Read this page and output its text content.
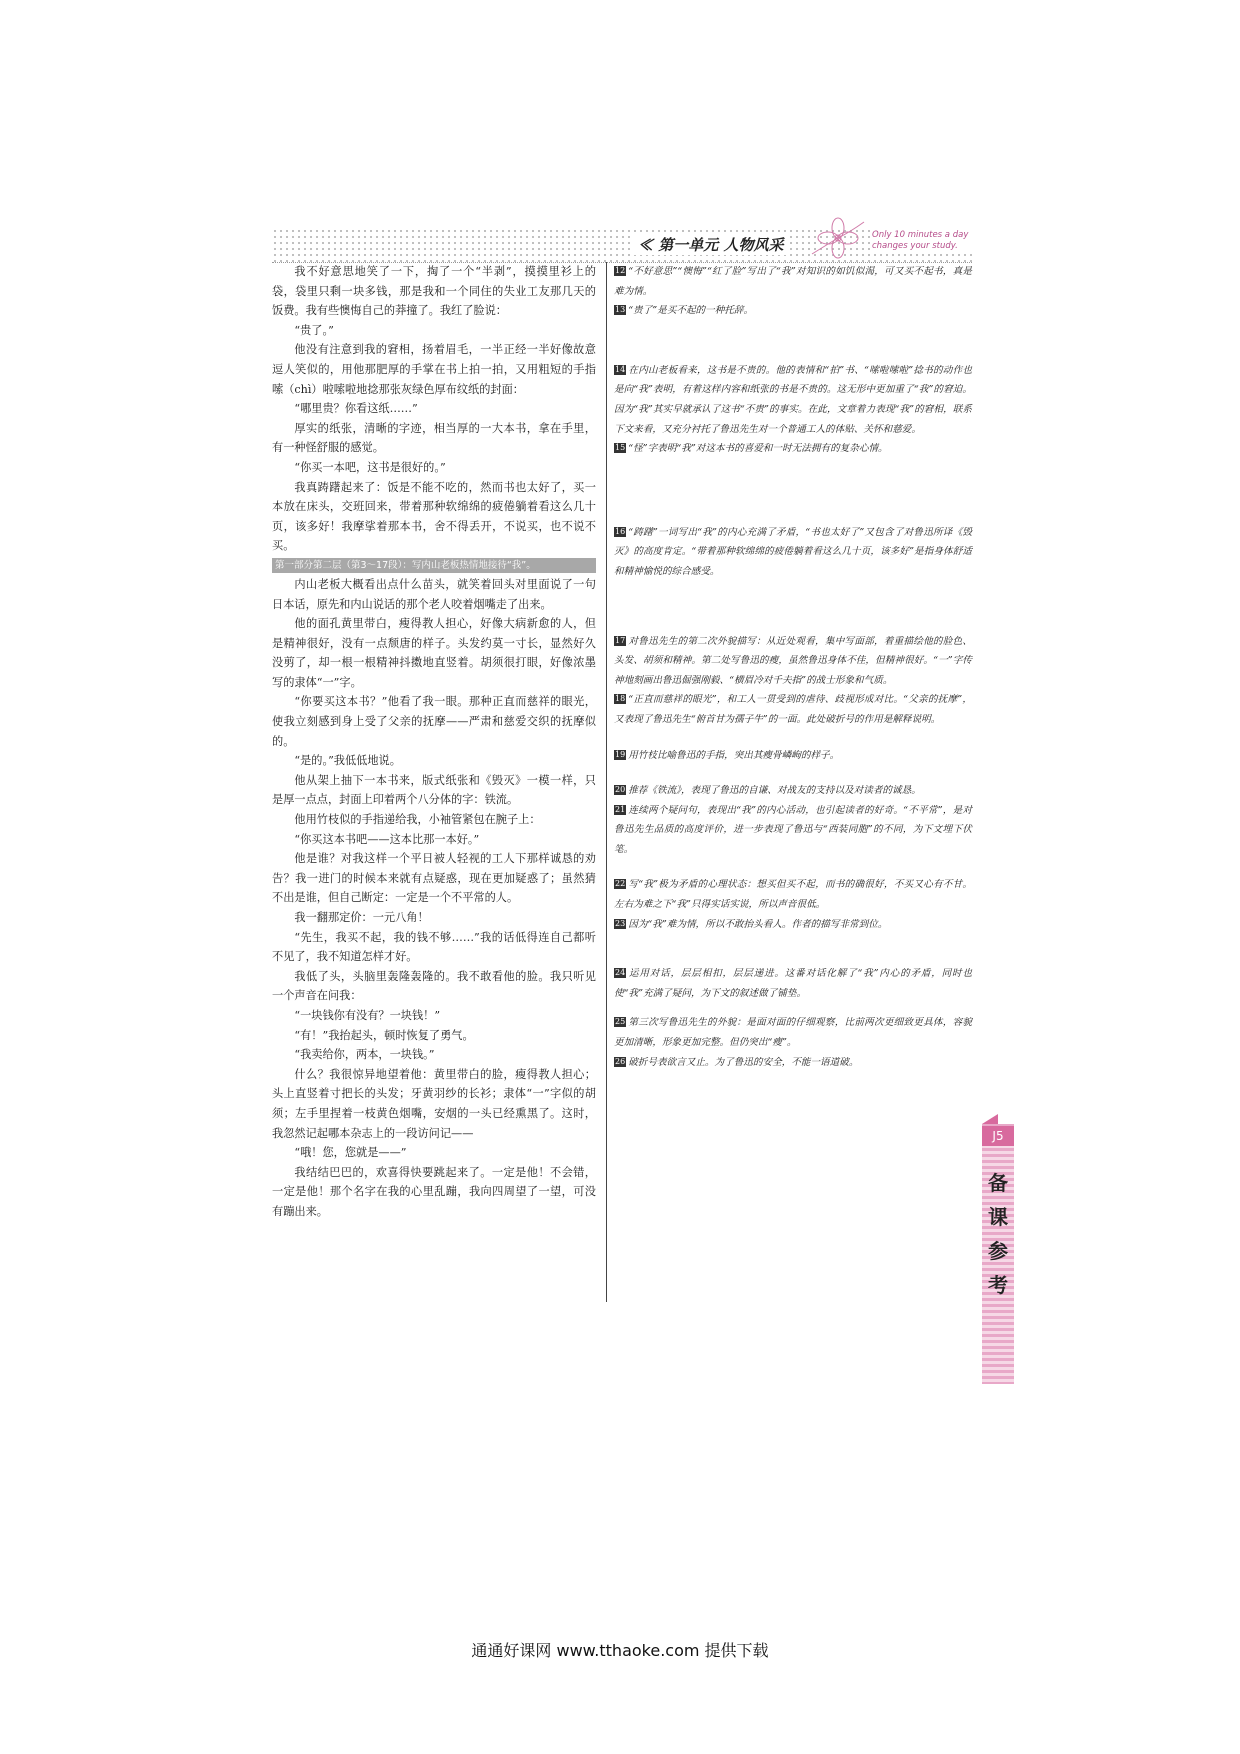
≪ 第一单元 人物风采
Only 10 minutes a day
changes your study.

我不好意思地笑了一下，掏了一个“半剥”，摸摸里衫上的袋，袋里只剩一块多钱，那是我和一个同住的失业工友那几天的饭费。我有些懊悔自己的莽撞了。我红了脸说：

“贵了。”

他没有注意到我的窘相，扬着眉毛，一半正经一半好像故意逗人笑似的，用他那肥厚的手掌在书上拍一拍，又用粗短的手指嗦（chì）啦嗦啦地捻那张灰绿色厚布纹纸的封面：

“哪里贵？你看这纸……”

厚实的纸张，清晰的字迹，相当厚的一大本书，拿在手里，有一种怪舒服的感觉。

“你买一本吧，这书是很好的。”

我真踌躇起来了：饭是不能不吃的，然而书也太好了，买一本放在床头，交班回来，带着那种软绵绵的疲倦躺着看这么几十页，该多好！我摩挲着那本书，舍不得丢开，不说买，也不说不买。

第一部分第二层（第3～17段）：写内山老板热情地接待“我”。

内山老板大概看出点什么苗头，就笑着回头对里面说了一句日本话，原先和内山说话的那个老人咬着烟嘴走了出来。

他的面孔黄里带白，瘦得教人担心，好像大病新愈的人，但是精神很好，没有一点颓唐的样子。头发约莫一寸长，显然好久没剪了，却一根一根精神抖擞地直竖着。胡须很打眼，好像浓墨写的隶体“一”字。

“你要买这本书？”他看了我一眼。那种正直而慈祥的眼光，使我立刻感到身上受了父亲的抚摩——严肃和慈爱交织的抚摩似的。

“是的。”我低低地说。

他从架上抽下一本书来，版式纸张和《毁灭》一模一样，只是厚一点点，封面上印着两个八分体的字：铁流。

他用竹枝似的手指递给我，小袖管紧包在腕子上：

“你买这本书吧——这本比那一本好。”

他是谁？对我这样一个平日被人轻视的工人下那样诚恳的劝告？我一进门的时候本来就有点疑惑，现在更加疑惑了；虽然猜不出是谁，但自己断定：一定是一个不平常的人。

我一翻那定价：一元八角！

“先生，我买不起，我的钱不够……”我的话低得连自己都听不见了，我不知道怎样才好。

我低了头，头脑里轰隆轰隆的。我不敢看他的脸。我只听见一个声音在问我：

“一块钱你有没有？一块钱！”

“有！”我抬起头，顿时恢复了勇气。

“我卖给你，两本，一块钱。”

什么？我很惊异地望着他：黄里带白的脸，瘦得教人担心；头上直竖着寸把长的头发；牙黄羽纱的长衫；隶体“一”字似的胡须；左手里捏着一枝黄色烟嘴，安烟的一头已经熏黑了。这时，我忽然记起哪本杂志上的一段访问记——

“哦！您，您就是——”

我结结巴巴的，欢喜得快要跳起来了。一定是他！不会错，一定是他！那个名字在我的心里乱蹦，我向四周望了一望，可没有蹦出来。

12 “不好意思”“懊悔”“红了脸”写出了“我”对知识的如饥似渴，可又买不起书，真是难为情。

13 “贵了”是买不起的一种托辞。

14 在内山老板看来，这书是不贵的。他的表情和“拍”书、“嗦啦嗦啦”捻书的动作也是向“我”表明，有着这样内容和纸张的书是不贵的。这无形中更加重了“我”的窘迫。因为“我”其实早就承认了这书“不贵”的事实。在此，文章着力表现“我”的窘相，联系下文来看，又充分衬托了鲁迅先生对一个普通工人的体贴、关怀和慈爱。

15 “怪”字表明“我”对这本书的喜爱和一时无法拥有的复杂心情。

16 “踌躇”一词写出“我”的内心充满了矛盾，“书也太好了”又包含了对鲁迅所译《毁灭》的高度肯定。“带着那种软绵绵的疲倦躺着看这么几十页，该多好”是指身体舒适和精神愉悦的综合感受。

17 对鲁迅先生的第二次外貌描写：从近处观看，集中写面部，着重描绘他的脸色、头发、胡须和精神。第二处写鲁迅的瘦，虽然鲁迅身体不佳，但精神很好。“一”字传神地刻画出鲁迅倔强刚毅、“横眉冷对千夫指”的战士形象和气质。

18 “正直而慈祥的眼光”，和工人一贯受到的虐待、歧视形成对比。“父亲的抚摩”，又表现了鲁迅先生“俯首甘为孺子牛”的一面。此处破折号的作用是解释说明。

19 用竹枝比喻鲁迅的手指，突出其瘦骨嶙峋的样子。

20 推荐《铁流》，表现了鲁迅的自谦、对战友的支持以及对读者的诚恳。

21 连续两个疑问句，表现出“我”的内心活动，也引起读者的好奇。“不平常”，是对鲁迅先生品质的高度评价，进一步表现了鲁迅与“西装同胞”的不同，为下文埋下伏笔。

22 写“我”极为矛盾的心理状态：想买但买不起，而书的确很好，不买又心有不甘。左右为难之下“我”只得实话实说，所以声音很低。

23 因为“我”难为情，所以不敢抬头看人。作者的描写非常到位。

24 运用对话，层层相扣，层层递进。这番对话化解了“我”内心的矛盾，同时也使“我”充满了疑问，为下文的叙述做了铺垫。

25 第三次写鲁迅先生的外貌：是面对面的仔细观察，比前两次更细致更具体，容貌更加清晰，形象更加完整。但仍突出“瘦”。

26 破折号表欲言又止。为了鲁迅的安全，不能一语道破。

J5
备课参考
通通好课网 www.tthaoke.com 提供下载
